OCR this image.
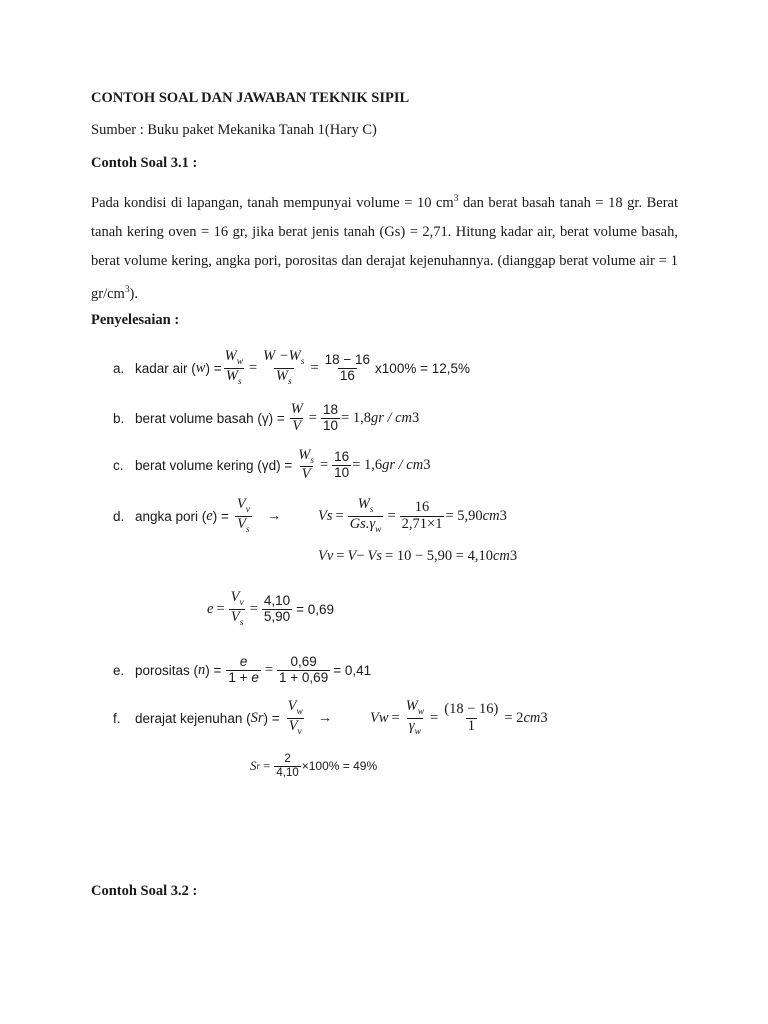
CONTOH SOAL DAN JAWABAN TEKNIK SIPIL
Sumber : Buku paket Mekanika Tanah 1(Hary C)
Contoh Soal 3.1 :

Pada kondisi di lapangan, tanah mempunyai volume = 10 $cm^3$ dan berat basah tanah = 18 gr. Berat tanah kering oven = 16 gr, jika berat jenis tanah (Gs) = 2,71. Hitung kadar air, berat volume basah, berat volume kering, angka pori, porositas dan derajat kejenuhannya. (dianggap berat volume air = 1 $gr/cm^3$).

Penyelesaian :
a. kadar air ( w ) = $\frac{W_w}{W_s} = \frac{W -W_s}{W_s} = \frac{18 - 16}{16} x100\% = 12,5\%$
b. berat volume basah $(\gamma) = \frac{W}{V} = \frac{18}{10} = 1,8$ gr / cm 3
c. berat volume kering (γ d ) = $\frac{W_s}{V} = \frac{16}{10} = 1,6$ gr / cm 3
d. angka pori ( e ) = $\frac{V_v}{V_s}$ →	V $s = \frac{W_s}{Gs.\gamma_w} = \frac{16}{2,71\times 1} = 5,90$ cm 3
V v = V − V s = 10 − 5,90 = 4,10 cm 3
$e = \frac{V_v}{V_s} = \frac{4,10}{5,90} = 0,69$
e. porositas ( n ) = $\frac{e}{1 + e} = \frac{0,69}{1 + 0,69} = 0,41$
f.	derajat kejenuhan ( S r ) = $\frac{V_w}{V_v}$ →	V $w = \frac{W_w}{\gamma_w} = \frac{(18 - 16)}{1} = 2$ cm 3
S $r = \frac{2}{4,10} \times 100\% = 49\%$
Contoh Soal 3.2 :
